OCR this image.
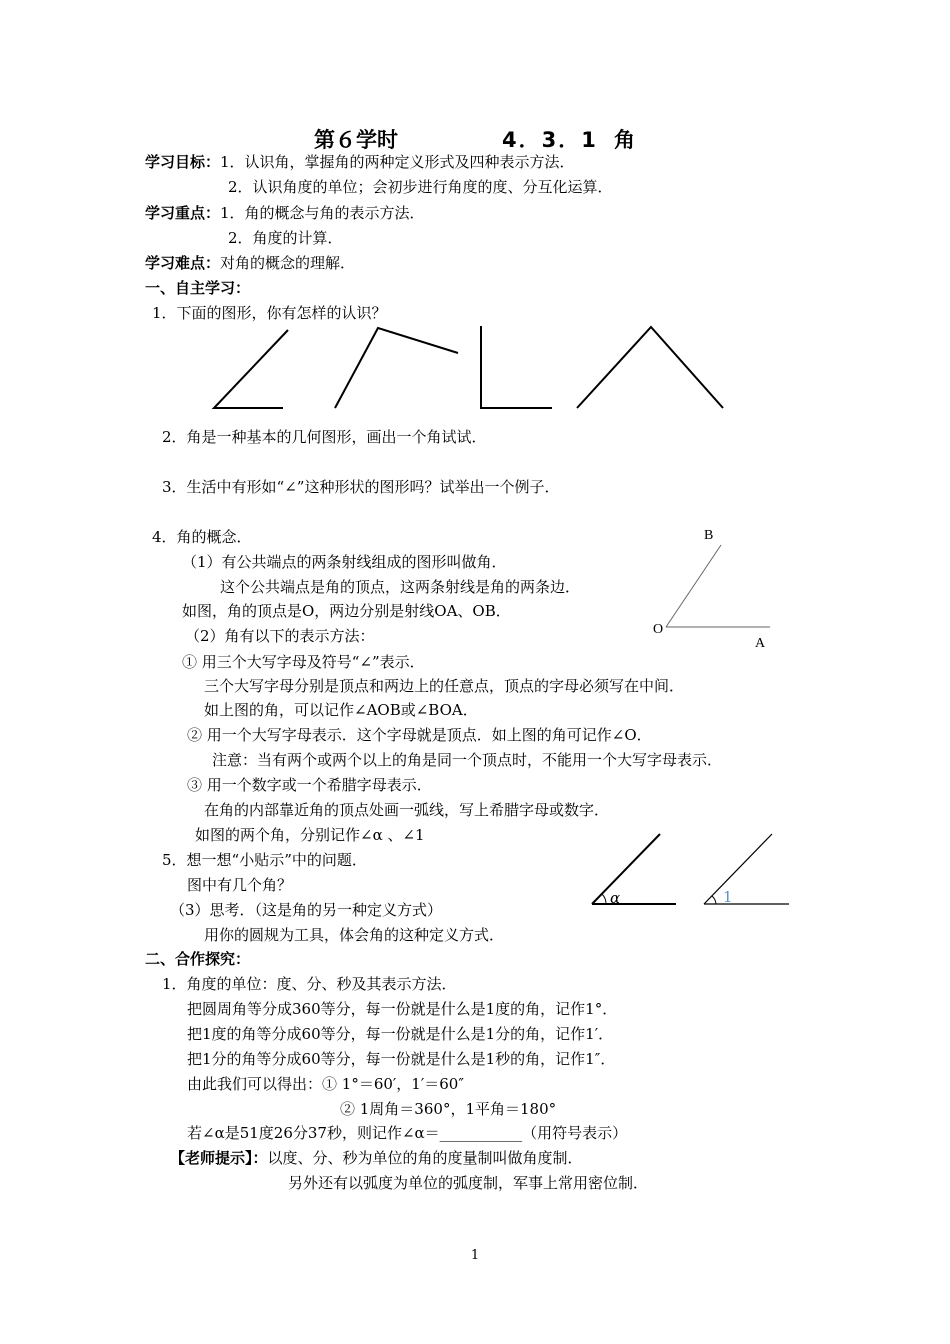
第６学时	4．3．1 角
学习目标：1．认识角，掌握角的两种定义形式及四种表示方法．
2．认识角度的单位；会初步进行角度的度、分互化运算．
学习重点：1．角的概念与角的表示方法．
2．角度的计算．
学习难点：对角的概念的理解．
一、自主学习：
1．下面的图形，你有怎样的认识？
2．角是一种基本的几何图形，画出一个角试试．
3．生活中有形如“∠”这种形状的图形吗？试举出一个例子．
4．角的概念．
（1）有公共端点的两条射线组成的图形叫做角．
这个公共端点是角的顶点，这两条射线是角的两条边．
如图，角的顶点是O，两边分别是射线OA、OB．
（2）角有以下的表示方法：
B
O
A
① 用三个大写字母及符号“∠”表示．
三个大写字母分别是顶点和两边上的任意点，顶点的字母必须写在中间．
如上图的角，可以记作∠AOB或∠BOA．
② 用一个大写字母表示．这个字母就是顶点．如上图的角可记作∠O．
注意：当有两个或两个以上的角是同一个顶点时，不能用一个大写字母表示．
③ 用一个数字或一个希腊字母表示．
在角的内部靠近角的顶点处画一弧线，写上希腊字母或数字．
如图的两个角，分别记作∠α 、∠1
5．想一想“小贴示”中的问题．
图中有几个角？
（3）思考．（这是角的另一种定义方式）
用你的圆规为工具，体会角的这种定义方式．
α	1
二、合作探究：
1．角度的单位：度、分、秒及其表示方法．
把圆周角等分成360等分，每一份就是什么是1度的角，记作1°．
把1度的角等分成60等分，每一份就是什么是1分的角，记作1′．
把1分的角等分成60等分，每一份就是什么是1秒的角，记作1″．
由此我们可以得出：① 1°＝60′，1′＝60″
② 1周角＝360°，1平角＝180°
若∠α是51度26分37秒，则记作∠α＝___________（用符号表示）
【老师提示】：以度、分、秒为单位的角的度量制叫做角度制．
另外还有以弧度为单位的弧度制，军事上常用密位制．
1
